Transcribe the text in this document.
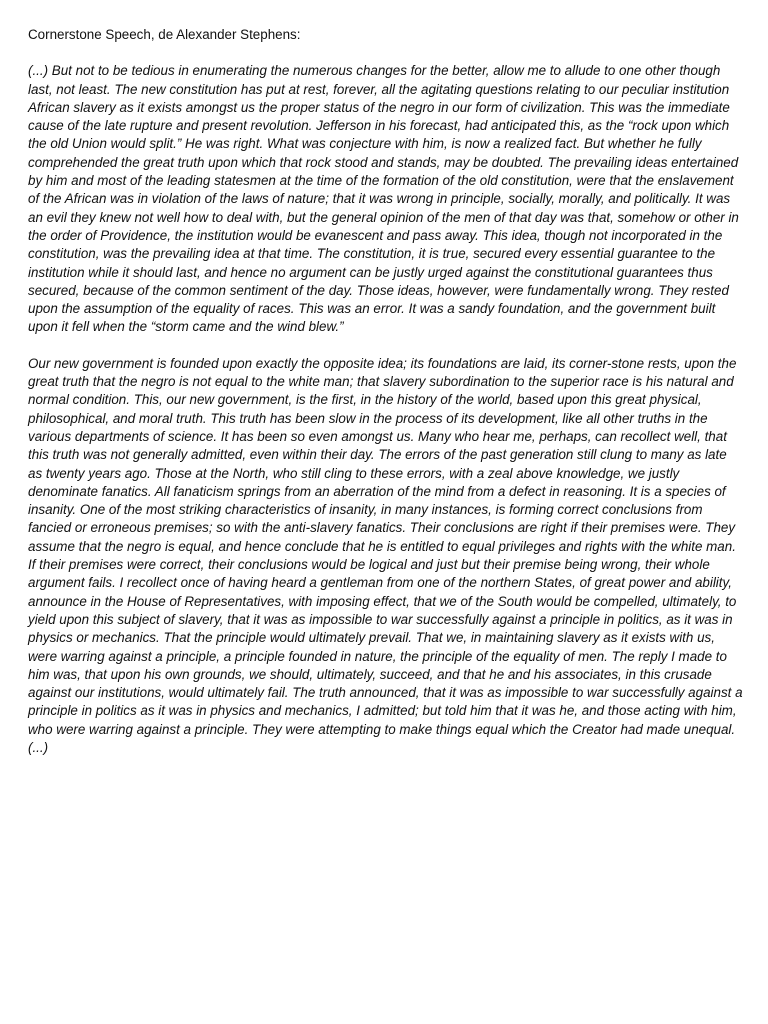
Cornerstone Speech, de Alexander Stephens:

(...) But not to be tedious in enumerating the numerous changes for the better, allow me to allude to one other though last, not least. The new constitution has put at rest, forever, all the agitating questions relating to our peculiar institution African slavery as it exists amongst us the proper status of the negro in our form of civilization. This was the immediate cause of the late rupture and present revolution. Jefferson in his forecast, had anticipated this, as the “rock upon which the old Union would split.” He was right. What was conjecture with him, is now a realized fact. But whether he fully comprehended the great truth upon which that rock stood and stands, may be doubted. The prevailing ideas entertained by him and most of the leading statesmen at the time of the formation of the old constitution, were that the enslavement of the African was in violation of the laws of nature; that it was wrong in principle, socially, morally, and politically. It was an evil they knew not well how to deal with, but the general opinion of the men of that day was that, somehow or other in the order of Providence, the institution would be evanescent and pass away. This idea, though not incorporated in the constitution, was the prevailing idea at that time. The constitution, it is true, secured every essential guarantee to the institution while it should last, and hence no argument can be justly urged against the constitutional guarantees thus secured, because of the common sentiment of the day. Those ideas, however, were fundamentally wrong. They rested upon the assumption of the equality of races. This was an error. It was a sandy foundation, and the government built upon it fell when the “storm came and the wind blew.”

Our new government is founded upon exactly the opposite idea; its foundations are laid, its corner-stone rests, upon the great truth that the negro is not equal to the white man; that slavery subordination to the superior race is his natural and normal condition. This, our new government, is the first, in the history of the world, based upon this great physical, philosophical, and moral truth. This truth has been slow in the process of its development, like all other truths in the various departments of science. It has been so even amongst us. Many who hear me, perhaps, can recollect well, that this truth was not generally admitted, even within their day. The errors of the past generation still clung to many as late as twenty years ago. Those at the North, who still cling to these errors, with a zeal above knowledge, we justly denominate fanatics. All fanaticism springs from an aberration of the mind from a defect in reasoning. It is a species of insanity. One of the most striking characteristics of insanity, in many instances, is forming correct conclusions from fancied or erroneous premises; so with the anti-slavery fanatics. Their conclusions are right if their premises were. They assume that the negro is equal, and hence conclude that he is entitled to equal privileges and rights with the white man. If their premises were correct, their conclusions would be logical and just but their premise being wrong, their whole argument fails. I recollect once of having heard a gentleman from one of the northern States, of great power and ability, announce in the House of Representatives, with imposing effect, that we of the South would be compelled, ultimately, to yield upon this subject of slavery, that it was as impossible to war successfully against a principle in politics, as it was in physics or mechanics. That the principle would ultimately prevail. That we, in maintaining slavery as it exists with us, were warring against a principle, a principle founded in nature, the principle of the equality of men. The reply I made to him was, that upon his own grounds, we should, ultimately, succeed, and that he and his associates, in this crusade against our institutions, would ultimately fail. The truth announced, that it was as impossible to war successfully against a principle in politics as it was in physics and mechanics, I admitted; but told him that it was he, and those acting with him, who were warring against a principle. They were attempting to make things equal which the Creator had made unequal. (...)
